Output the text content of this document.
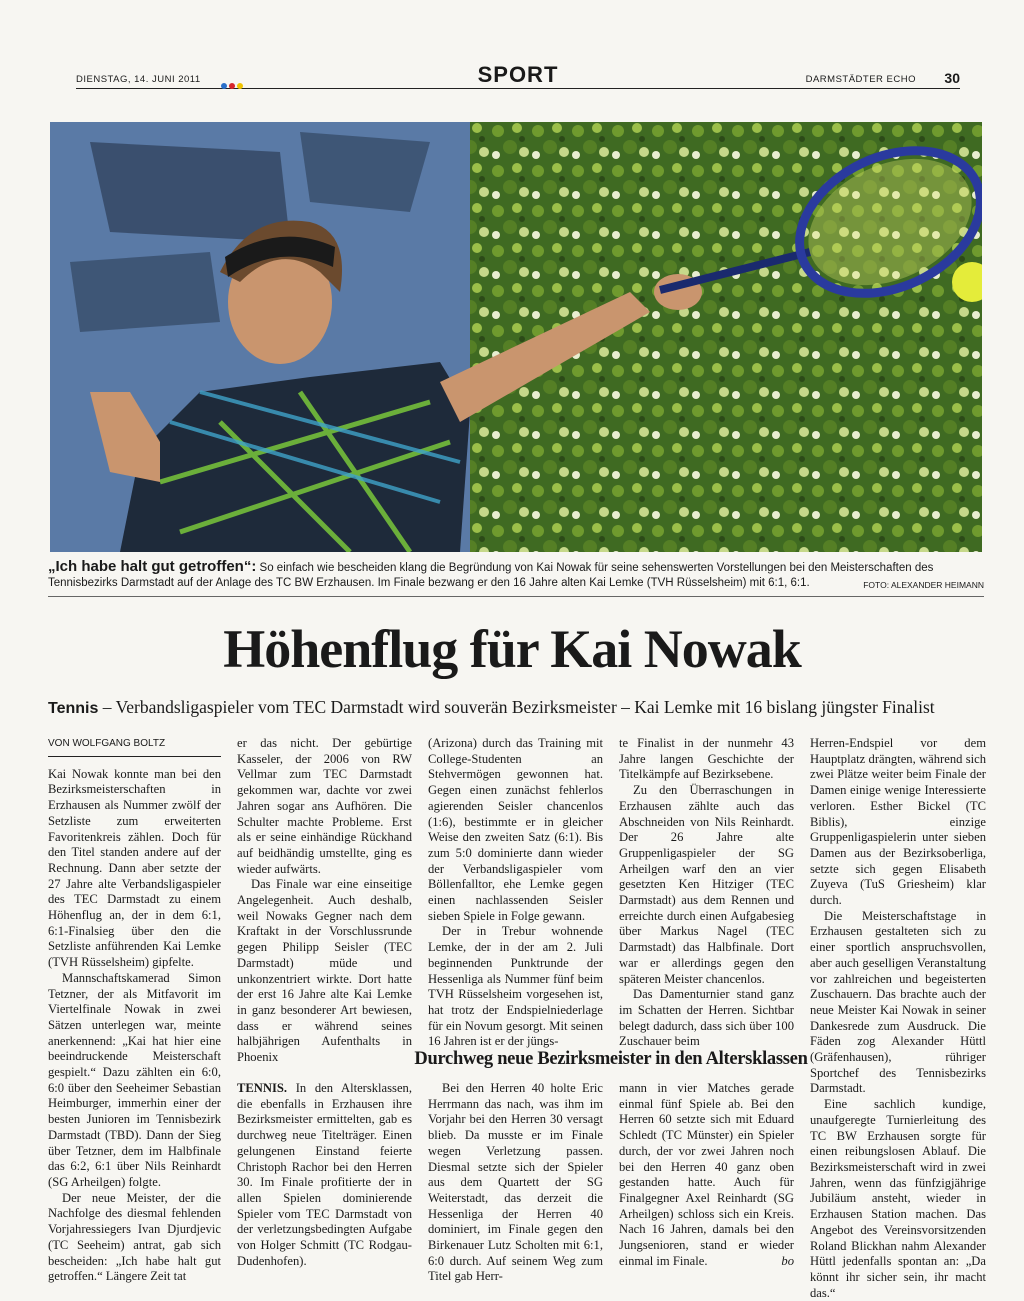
DIENSTAG, 14. JUNI 2011	SPORT	DARMSTÄDTER ECHO 30
„Ich habe halt gut getroffen“: So einfach wie bescheiden klang die Begründung von Kai Nowak für seine sehenswerten Vorstellungen bei den Meisterschaften des Tennisbezirks Darmstadt auf der Anlage des TC BW Erzhausen. Im Finale bezwang er den 16 Jahre alten Kai Lemke (TVH Rüsselsheim) mit 6:1, 6:1.	FOTO: ALEXANDER HEIMANN
Höhenflug für Kai Nowak
Tennis – Verbandsligaspieler vom TEC Darmstadt wird souverän Bezirksmeister – Kai Lemke mit 16 bislang jüngster Finalist
VON WOLFGANG BOLTZ

Kai Nowak konnte man bei den Bezirksmeisterschaften in Erzhausen als Nummer zwölf der Setzliste zum erweiterten Favoritenkreis zählen. Doch für den Titel standen andere auf der Rechnung. Dann aber setzte der 27 Jahre alte Verbandsligaspieler des TEC Darmstadt zu einem Höhenflug an, der in dem 6:1, 6:1-Finalsieg über den die Setzliste anführenden Kai Lemke (TVH Rüsselsheim) gipfelte.

Mannschaftskamerad Simon Tetzner, der als Mitfavorit im Viertelfinale Nowak in zwei Sätzen unterlegen war, meinte anerkennend: „Kai hat hier eine beeindruckende Meisterschaft gespielt.“ Dazu zählten ein 6:0, 6:0 über den Seeheimer Sebastian Heimburger, immerhin einer der besten Junioren im Tennisbezirk Darmstadt (TBD). Dann der Sieg über Tetzner, dem im Halbfinale das 6:2, 6:1 über Nils Reinhardt (SG Arheilgen) folgte.

Der neue Meister, der die Nachfolge des diesmal fehlenden Vorjahressiegers Ivan Djurdjevic (TC Seeheim) antrat, gab sich bescheiden: „Ich habe halt gut getroffen.“ Längere Zeit tat

er das nicht. Der gebürtige Kasseler, der 2006 von RW Vellmar zum TEC Darmstadt gekommen war, dachte vor zwei Jahren sogar ans Aufhören. Die Schulter machte Probleme. Erst als er seine einhändige Rückhand auf beidhändig umstellte, ging es wieder aufwärts.

Das Finale war eine einseitige Angelegenheit. Auch deshalb, weil Nowaks Gegner nach dem Kraftakt in der Vorschlussrunde gegen Philipp Seisler (TEC Darmstadt) müde und unkonzentriert wirkte. Dort hatte der erst 16 Jahre alte Kai Lemke in ganz besonderer Art bewiesen, dass er während seines halbjährigen Aufenthalts in Phoenix

(Arizona) durch das Training mit College-Studenten an Stehvermögen gewonnen hat. Gegen einen zunächst fehlerlos agierenden Seisler chancenlos (1:6), bestimmte er in gleicher Weise den zweiten Satz (6:1). Bis zum 5:0 dominierte dann wieder der Verbandsligaspieler vom Böllenfalltor, ehe Lemke gegen einen nachlassenden Seisler sieben Spiele in Folge gewann.

Der in Trebur wohnende Lemke, der in der am 2. Juli beginnenden Punktrunde der Hessenliga als Nummer fünf beim TVH Rüsselsheim vorgesehen ist, hat trotz der Endspielniederlage für ein Novum gesorgt. Mit seinen 16 Jahren ist er der jüngs-

te Finalist in der nunmehr 43 Jahre langen Geschichte der Titelkämpfe auf Bezirksebene.

Zu den Überraschungen in Erzhausen zählte auch das Abschneiden von Nils Reinhardt. Der 26 Jahre alte Gruppenligaspieler der SG Arheilgen warf den an vier gesetzten Ken Hitziger (TEC Darmstadt) aus dem Rennen und erreichte durch einen Aufgabesieg über Markus Nagel (TEC Darmstadt) das Halbfinale. Dort war er allerdings gegen den späteren Meister chancenlos.

Das Damenturnier stand ganz im Schatten der Herren. Sichtbar belegt dadurch, dass sich über 100 Zuschauer beim

Herren-Endspiel vor dem Hauptplatz drängten, während sich zwei Plätze weiter beim Finale der Damen einige wenige Interessierte verloren. Esther Bickel (TC Biblis), einzige Gruppenligaspielerin unter sieben Damen aus der Bezirksoberliga, setzte sich gegen Elisabeth Zuyeva (TuS Griesheim) klar durch.

Die Meisterschaftstage in Erzhausen gestalteten sich zu einer sportlich anspruchsvollen, aber auch geselligen Veranstaltung vor zahlreichen und begeisterten Zuschauern. Das brachte auch der neue Meister Kai Nowak in seiner Dankesrede zum Ausdruck. Die Fäden zog Alexander Hüttl (Gräfenhausen), rühriger Sportchef des Tennisbezirks Darmstadt.

Eine sachlich kundige, unaufgeregte Turnierleitung des TC BW Erzhausen sorgte für einen reibungslosen Ablauf. Die Bezirksmeisterschaft wird in zwei Jahren, wenn das fünfzigjährige Jubiläum ansteht, wieder in Erzhausen Station machen. Das Angebot des Vereinsvorsitzenden Roland Blickhan nahm Alexander Hüttl jedenfalls spontan an: „Da könnt ihr sicher sein, ihr macht das.“

Durchweg neue Bezirksmeister in den Altersklassen

TENNIS. In den Altersklassen, die ebenfalls in Erzhausen ihre Bezirksmeister ermittelten, gab es durchweg neue Titelträger. Einen gelungenen Einstand feierte Christoph Rachor bei den Herren 30. Im Finale profitierte der in allen Spielen dominierende Spieler vom TEC Darmstadt von der verletzungsbedingten Aufgabe von Holger Schmitt (TC Rodgau-Dudenhofen).

Bei den Herren 40 holte Eric Herrmann das nach, was ihm im Vorjahr bei den Herren 30 versagt blieb. Da musste er im Finale wegen Verletzung passen. Diesmal setzte sich der Spieler aus dem Quartett der SG Weiterstadt, das derzeit die Hessenliga der Herren 40 dominiert, im Finale gegen den Birkenauer Lutz Scholten mit 6:1, 6:0 durch. Auf seinem Weg zum Titel gab Herr-

mann in vier Matches gerade einmal fünf Spiele ab. Bei den Herren 60 setzte sich mit Eduard Schledt (TC Münster) ein Spieler durch, der vor zwei Jahren noch bei den Herren 40 ganz oben gestanden hatte. Auch für Finalgegner Axel Reinhardt (SG Arheilgen) schloss sich ein Kreis. Nach 16 Jahren, damals bei den Jungsenioren, stand er wieder einmal im Finale.	bo
